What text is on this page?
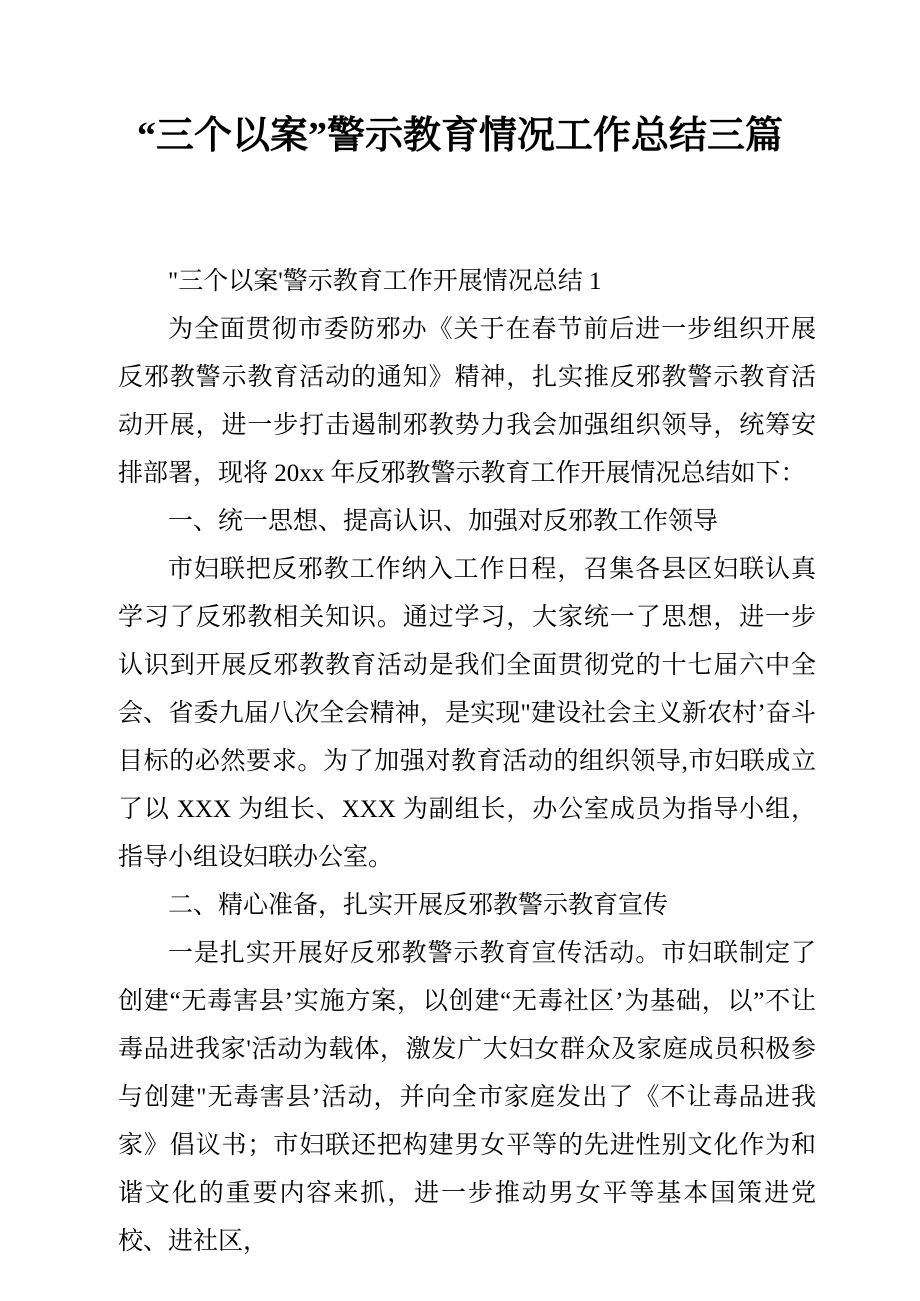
“三个以案”警示教育情况工作总结三篇

"三个以案'警示教育工作开展情况总结 1

为全面贯彻市委防邪办《关于在春节前后进一步组织开展反邪教警示教育活动的通知》精神，扎实推反邪教警示教育活动开展，进一步打击遏制邪教势力我会加强组织领导，统筹安排部署，现将 20xx 年反邪教警示教育工作开展情况总结如下：

一、统一思想、提高认识、加强对反邪教工作领导

市妇联把反邪教工作纳入工作日程，召集各县区妇联认真学习了反邪教相关知识。通过学习，大家统一了思想，进一步认识到开展反邪教教育活动是我们全面贯彻党的十七届六中全会、省委九届八次全会精神，是实现"建设社会主义新农村’奋斗目标的必然要求。为了加强对教育活动的组织领导,市妇联成立了以 XXX 为组长、XXX 为副组长，办公室成员为指导小组，指导小组设妇联办公室。

二、精心准备，扎实开展反邪教警示教育宣传

一是扎实开展好反邪教警示教育宣传活动。市妇联制定了创建“无毒害县’实施方案，以创建“无毒社区’为基础，以”不让毒品进我家'活动为载体，激发广大妇女群众及家庭成员积极参与创建"无毒害县’活动，并向全市家庭发出了《不让毒品进我家》倡议书；市妇联还把构建男女平等的先进性别文化作为和谐文化的重要内容来抓，进一步推动男女平等基本国策进党校、进社区，
